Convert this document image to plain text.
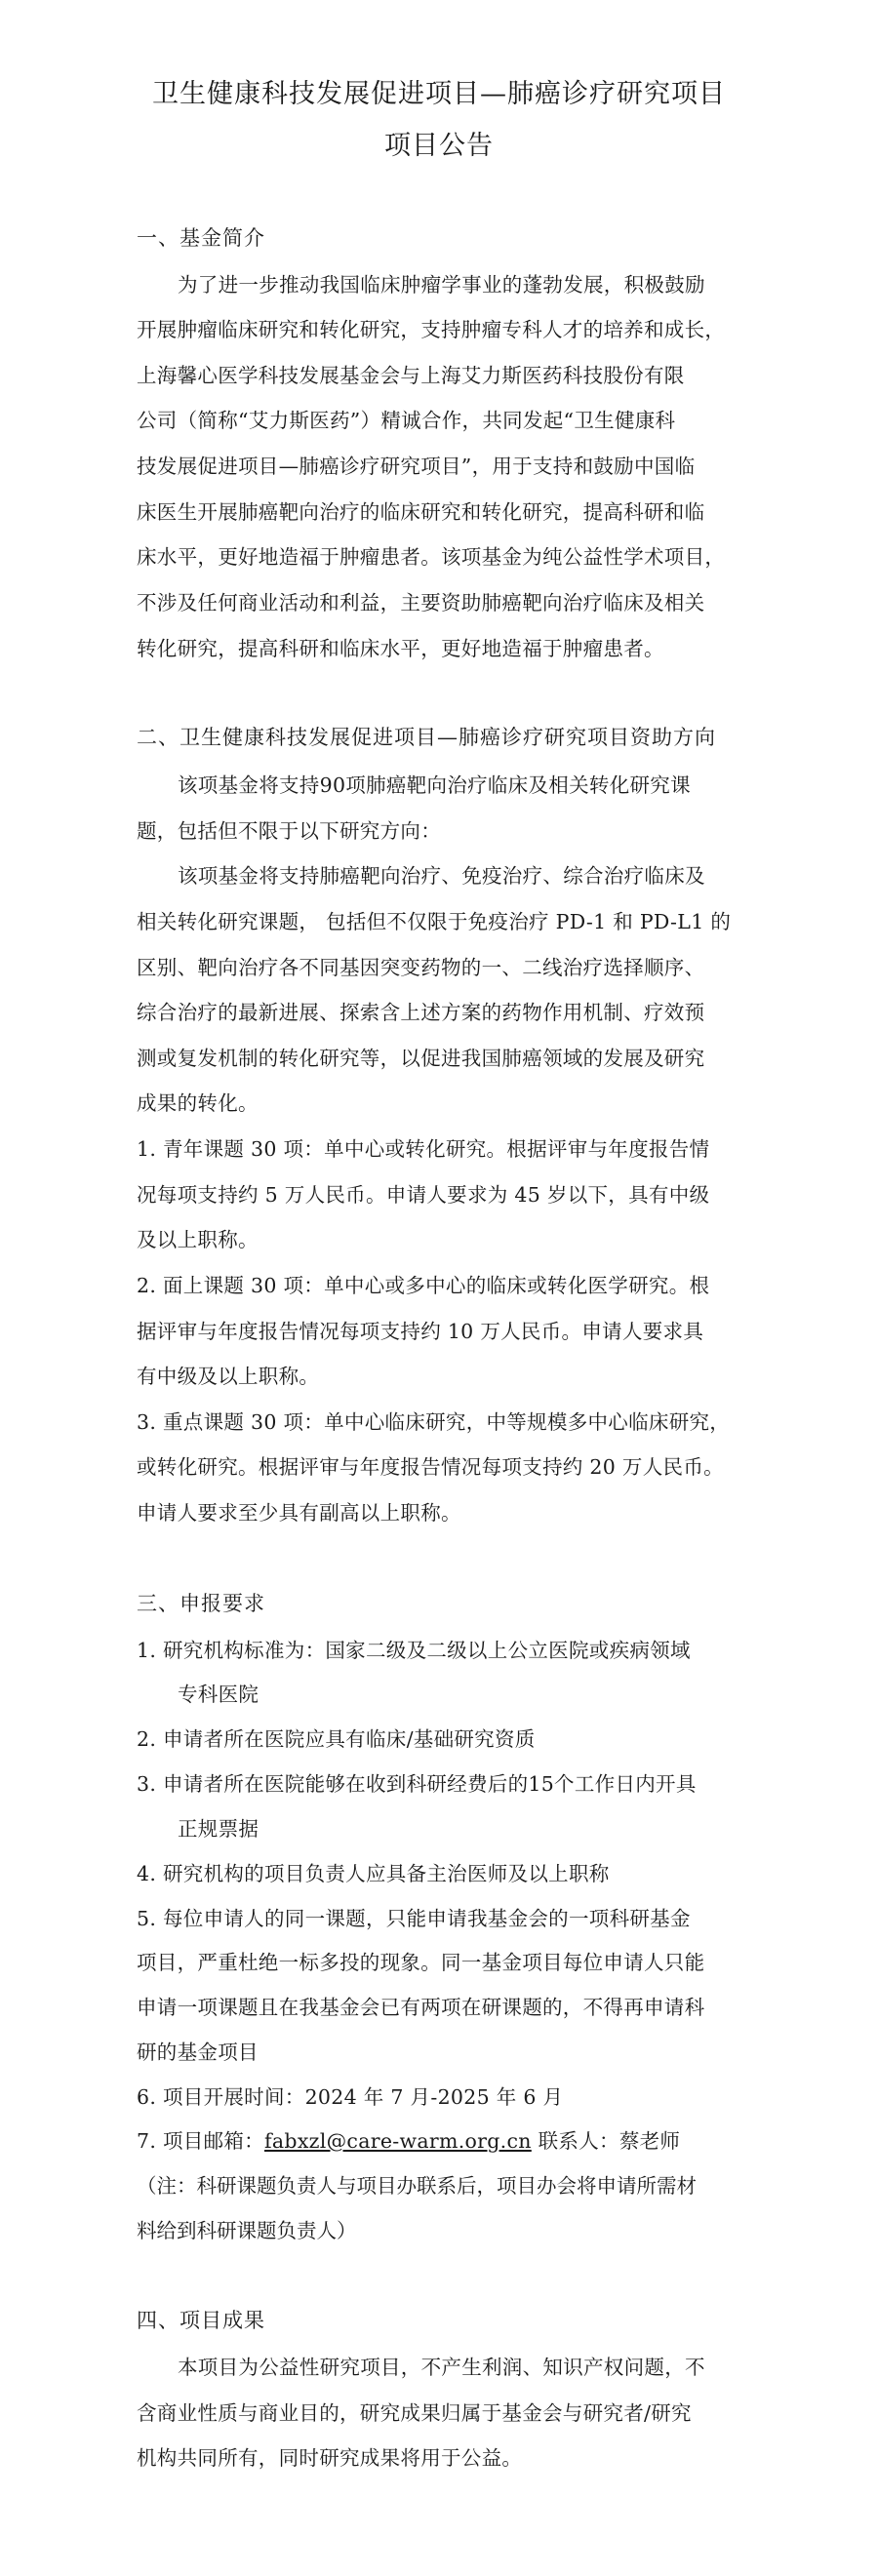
卫生健康科技发展促进项目—肺癌诊疗研究项目
项目公告
一、基金简介
为了进一步推动我国临床肿瘤学事业的蓬勃发展，积极鼓励
开展肿瘤临床研究和转化研究，支持肿瘤专科人才的培养和成长，
上海馨心医学科技发展基金会与上海艾力斯医药科技股份有限
公司（简称“艾力斯医药”）精诚合作，共同发起“卫生健康科
技发展促进项目—肺癌诊疗研究项目”，用于支持和鼓励中国临
床医生开展肺癌靶向治疗的临床研究和转化研究，提高科研和临
床水平，更好地造福于肿瘤患者。该项基金为纯公益性学术项目，
不涉及任何商业活动和利益，主要资助肺癌靶向治疗临床及相关
转化研究，提高科研和临床水平，更好地造福于肿瘤患者。
二、卫生健康科技发展促进项目—肺癌诊疗研究项目资助方向
该项基金将支持90项肺癌靶向治疗临床及相关转化研究课
题，包括但不限于以下研究方向：
该项基金将支持肺癌靶向治疗、免疫治疗、综合治疗临床及
相关转化研究课题， 包括但不仅限于免疫治疗 PD-1 和 PD-L1 的
区别、靶向治疗各不同基因突变药物的一、二线治疗选择顺序、
综合治疗的最新进展、探索含上述方案的药物作用机制、疗效预
测或复发机制的转化研究等，以促进我国肺癌领域的发展及研究
成果的转化。
1. 青年课题 30 项：单中心或转化研究。根据评审与年度报告情
况每项支持约 5 万人民币。申请人要求为 45 岁以下，具有中级
及以上职称。
2. 面上课题 30 项：单中心或多中心的临床或转化医学研究。根
据评审与年度报告情况每项支持约 10 万人民币。申请人要求具
有中级及以上职称。
3. 重点课题 30 项：单中心临床研究，中等规模多中心临床研究，
或转化研究。根据评审与年度报告情况每项支持约 20 万人民币。
申请人要求至少具有副高以上职称。
三、申报要求
1. 研究机构标准为：国家二级及二级以上公立医院或疾病领域
专科医院
2. 申请者所在医院应具有临床/基础研究资质
3. 申请者所在医院能够在收到科研经费后的15个工作日内开具
正规票据
4. 研究机构的项目负责人应具备主治医师及以上职称
5. 每位申请人的同一课题，只能申请我基金会的一项科研基金
项目，严重杜绝一标多投的现象。同一基金项目每位申请人只能
申请一项课题且在我基金会已有两项在研课题的，不得再申请科
研的基金项目
6. 项目开展时间：2024 年 7 月-2025 年 6 月
7. 项目邮箱：fabxzl@care-warm.org.cn 联系人：蔡老师
（注：科研课题负责人与项目办联系后，项目办会将申请所需材
料给到科研课题负责人）
四、项目成果
本项目为公益性研究项目，不产生利润、知识产权问题，不
含商业性质与商业目的，研究成果归属于基金会与研究者/研究
机构共同所有，同时研究成果将用于公益。
